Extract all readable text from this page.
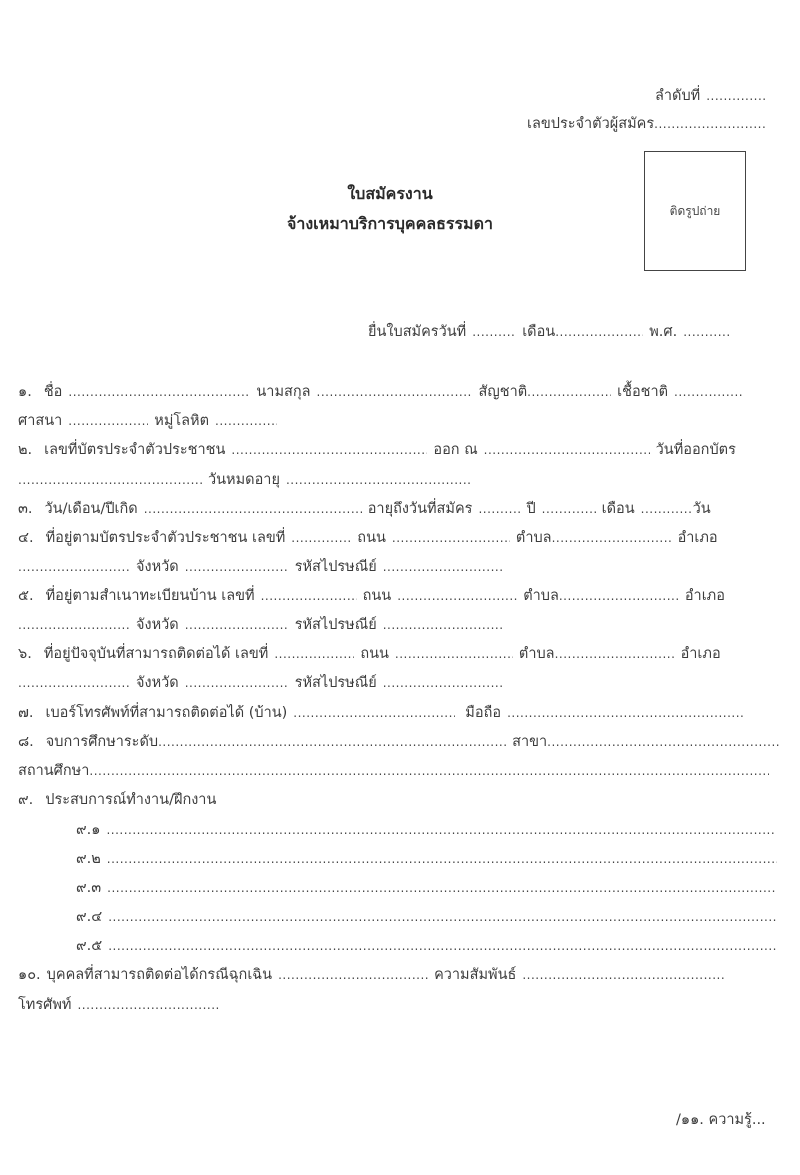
ลำดับที่
.....
เลขประจำตัวผู้สมัคร
.....
ใบสมัครงาน
จ้างเหมาบริการบุคคลธรรมดา
ติดรูปถ่าย
ยื่นใบสมัครวันที่ .....	เดือน .....	พ.ศ.
.....
๑. ชื่อ .....	นามสกุล .....	สัญชาติ .....	เชื้อชาติ
.....
ศาสนา .....	หมู่โลหิต
.....
๒. เลขที่บัตรประจำตัวประชาชน .....	ออก ณ .....	วันที่ออกบัตร
.....
วันหมดอายุ
.....
๓. วัน/เดือน/ปีเกิด .....	อายุถึงวันที่สมัคร .....	ปี .....	เดือน .....	วัน
๔. ที่อยู่ตามบัตรประจำตัวประชาชน เลขที่ .....	ถนน .....	ตำบล .....	อำเภอ
.....
จังหวัด .....	รหัสไปรษณีย์
.....
๕. ที่อยู่ตามสำเนาทะเบียนบ้าน เลขที่ .....	ถนน .....	ตำบล .....	อำเภอ
.....
จังหวัด .....	รหัสไปรษณีย์
.....
๖. ที่อยู่ปัจจุบันที่สามารถติดต่อได้ เลขที่ .....	ถนน .....	ตำบล .....	อำเภอ
.....
จังหวัด .....	รหัสไปรษณีย์
.....
๗. เบอร์โทรศัพท์ที่สามารถติดต่อได้ (บ้าน) .....	มือถือ
.....
๘. จบการศึกษาระดับ .....	สาขา
.....
สถานศึกษา
.....
๙. ประสบการณ์ทำงาน/ฝึกงาน
๙.๑
.....
๙.๒
.....
๙.๓
.....
๙.๔
.....
๙.๕
.....
๑๐. บุคคลที่สามารถติดต่อได้กรณีฉุกเฉิน .....	ความสัมพันธ์
.....
โทรศัพท์
.....
/๑๑. ความรู้...
